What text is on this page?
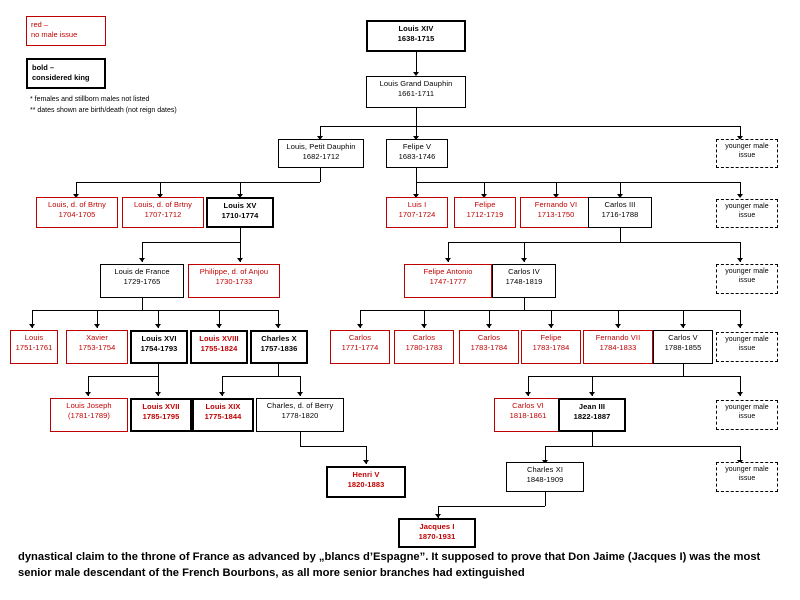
red –
no male issue
bold –
considered king
* females and stillborn males not listed
** dates shown are birth/death (not reign dates)
Louis XIV
1638-1715
Louis Grand Dauphin
1661-1711
Louis, Petit Dauphin
1682-1712
Felipe V
1683-1746
younger male
issue
Louis, d. of Brtny
1704-1705
Louis, d. of Brtny
1707-1712
Louis XV
1710-1774
Luis I
1707-1724
Felipe
1712-1719
Fernando VI
1713-1750
Carlos III
1716-1788
younger male
issue
Louis de France
1729-1765
Philippe, d. of Anjou
1730-1733
Felipe Antonio
1747-1777
Carlos IV
1748-1819
younger male
issue
Louis
1751-1761
Xavier
1753-1754
Louis XVI
1754-1793
Louis XVIII
1755-1824
Charles X
1757-1836
Carlos
1771-1774
Carlos
1780-1783
Carlos
1783-1784
Felipe
1783-1784
Fernando VII
1784-1833
Carlos V
1788-1855
younger male
issue
Louis Joseph
(1781-1789)
Louis XVII
1785-1795
Louis XIX
1775-1844
Charles, d. of Berry
1778-1820
Carlos VI
1818-1861
Jean III
1822-1887
younger male
issue
Henri V
1820-1883
Charles XI
1848-1909
younger male
issue
Jacques I
1870-1931
dynastical claim to the throne of France as advanced by „blancs d’Espagne”. It supposed to prove that Don Jaime (Jacques I) was the most senior male descendant of the French Bourbons, as all more senior branches had extinguished
